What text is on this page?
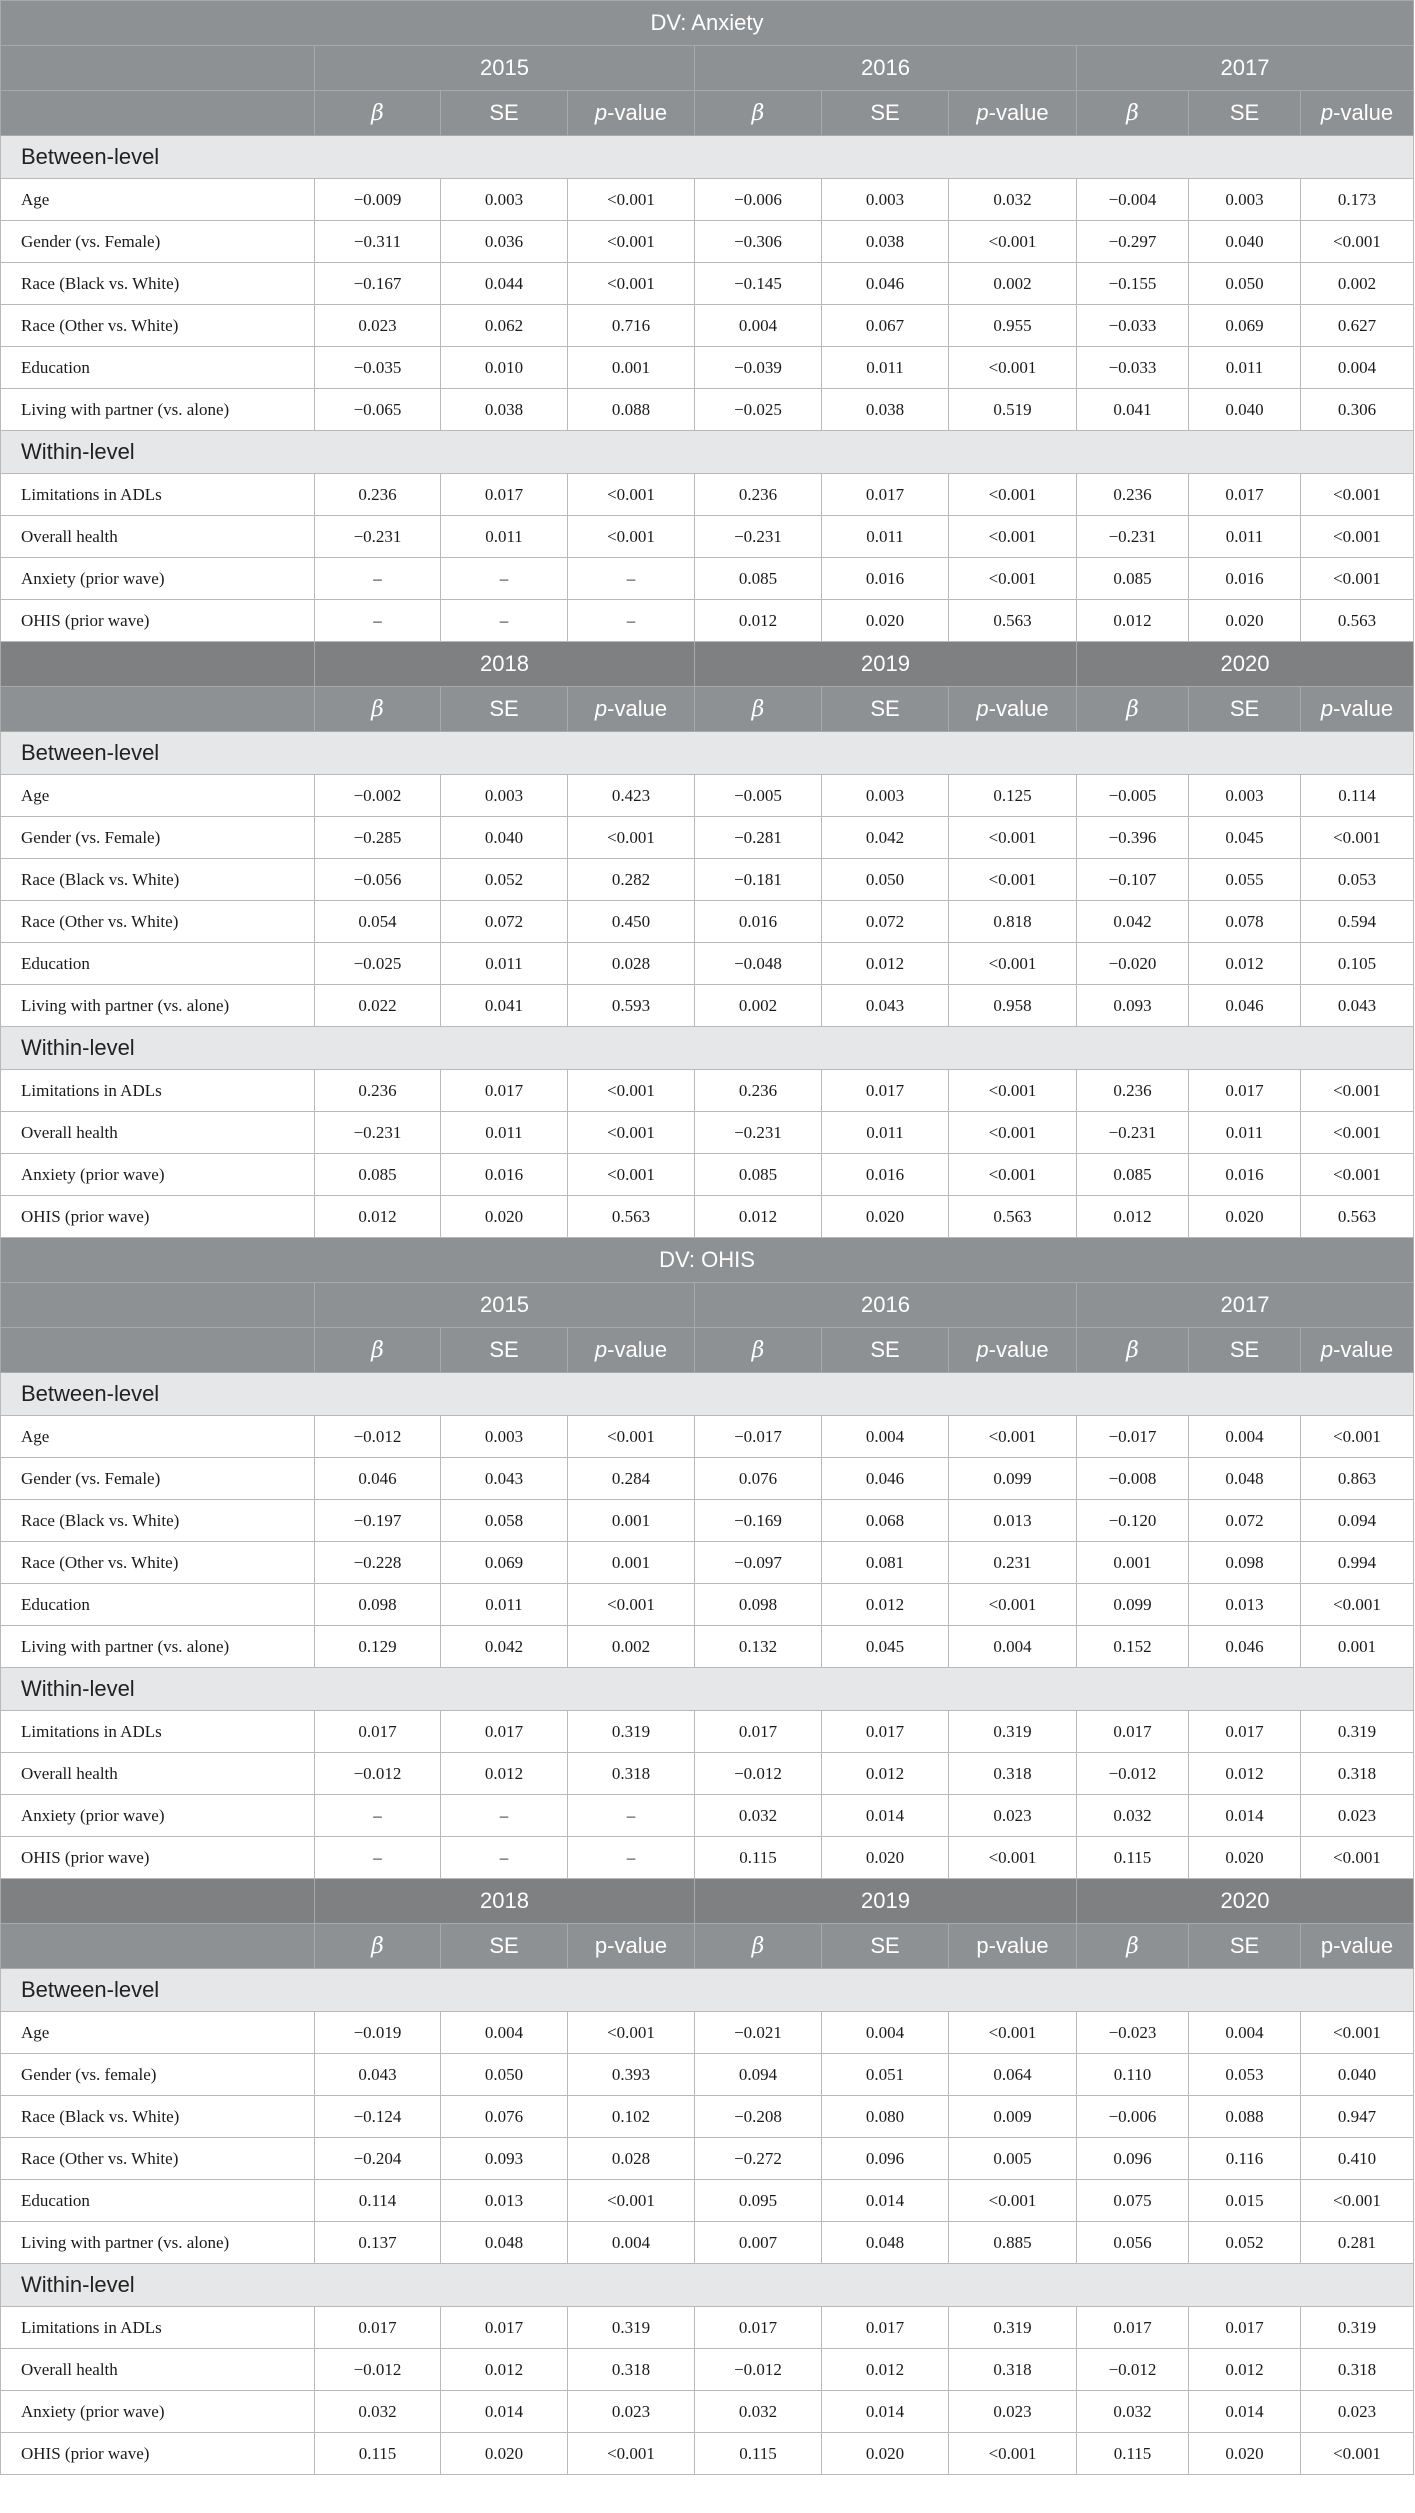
DV: Anxiety									
	2015			2016			2017		
	β	SE	p-value	β	SE	p-value	β	SE	p-value
Between-level									
Age	−0.009	0.003	<0.001	−0.006	0.003	0.032	−0.004	0.003	0.173
Gender (vs. Female)	−0.311	0.036	<0.001	−0.306	0.038	<0.001	−0.297	0.040	<0.001
Race (Black vs. White)	−0.167	0.044	<0.001	−0.145	0.046	0.002	−0.155	0.050	0.002
Race (Other vs. White)	0.023	0.062	0.716	0.004	0.067	0.955	−0.033	0.069	0.627
Education	−0.035	0.010	0.001	−0.039	0.011	<0.001	−0.033	0.011	0.004
Living with partner (vs. alone)	−0.065	0.038	0.088	−0.025	0.038	0.519	0.041	0.040	0.306
Within-level									
Limitations in ADLs	0.236	0.017	<0.001	0.236	0.017	<0.001	0.236	0.017	<0.001
Overall health	−0.231	0.011	<0.001	−0.231	0.011	<0.001	−0.231	0.011	<0.001
Anxiety (prior wave)	–	–	–	0.085	0.016	<0.001	0.085	0.016	<0.001
OHIS (prior wave)	–	–	–	0.012	0.020	0.563	0.012	0.020	0.563
	2018			2019			2020		
	β	SE	p-value	β	SE	p-value	β	SE	p-value
Between-level									
Age	−0.002	0.003	0.423	−0.005	0.003	0.125	−0.005	0.003	0.114
Gender (vs. Female)	−0.285	0.040	<0.001	−0.281	0.042	<0.001	−0.396	0.045	<0.001
Race (Black vs. White)	−0.056	0.052	0.282	−0.181	0.050	<0.001	−0.107	0.055	0.053
Race (Other vs. White)	0.054	0.072	0.450	0.016	0.072	0.818	0.042	0.078	0.594
Education	−0.025	0.011	0.028	−0.048	0.012	<0.001	−0.020	0.012	0.105
Living with partner (vs. alone)	0.022	0.041	0.593	0.002	0.043	0.958	0.093	0.046	0.043
Within-level									
Limitations in ADLs	0.236	0.017	<0.001	0.236	0.017	<0.001	0.236	0.017	<0.001
Overall health	−0.231	0.011	<0.001	−0.231	0.011	<0.001	−0.231	0.011	<0.001
Anxiety (prior wave)	0.085	0.016	<0.001	0.085	0.016	<0.001	0.085	0.016	<0.001
OHIS (prior wave)	0.012	0.020	0.563	0.012	0.020	0.563	0.012	0.020	0.563
DV: OHIS									
	2015			2016			2017		
	β	SE	p-value	β	SE	p-value	β	SE	p-value
Between-level									
Age	−0.012	0.003	<0.001	−0.017	0.004	<0.001	−0.017	0.004	<0.001
Gender (vs. Female)	0.046	0.043	0.284	0.076	0.046	0.099	−0.008	0.048	0.863
Race (Black vs. White)	−0.197	0.058	0.001	−0.169	0.068	0.013	−0.120	0.072	0.094
Race (Other vs. White)	−0.228	0.069	0.001	−0.097	0.081	0.231	0.001	0.098	0.994
Education	0.098	0.011	<0.001	0.098	0.012	<0.001	0.099	0.013	<0.001
Living with partner (vs. alone)	0.129	0.042	0.002	0.132	0.045	0.004	0.152	0.046	0.001
Within-level									
Limitations in ADLs	0.017	0.017	0.319	0.017	0.017	0.319	0.017	0.017	0.319
Overall health	−0.012	0.012	0.318	−0.012	0.012	0.318	−0.012	0.012	0.318
Anxiety (prior wave)	–	–	–	0.032	0.014	0.023	0.032	0.014	0.023
OHIS (prior wave)	–	–	–	0.115	0.020	<0.001	0.115	0.020	<0.001
	2018			2019			2020		
	β	SE	p-value	β	SE	p-value	β	SE	p-value
Between-level									
Age	−0.019	0.004	<0.001	−0.021	0.004	<0.001	−0.023	0.004	<0.001
Gender (vs. female)	0.043	0.050	0.393	0.094	0.051	0.064	0.110	0.053	0.040
Race (Black vs. White)	−0.124	0.076	0.102	−0.208	0.080	0.009	−0.006	0.088	0.947
Race (Other vs. White)	−0.204	0.093	0.028	−0.272	0.096	0.005	0.096	0.116	0.410
Education	0.114	0.013	<0.001	0.095	0.014	<0.001	0.075	0.015	<0.001
Living with partner (vs. alone)	0.137	0.048	0.004	0.007	0.048	0.885	0.056	0.052	0.281
Within-level									
Limitations in ADLs	0.017	0.017	0.319	0.017	0.017	0.319	0.017	0.017	0.319
Overall health	−0.012	0.012	0.318	−0.012	0.012	0.318	−0.012	0.012	0.318
Anxiety (prior wave)	0.032	0.014	0.023	0.032	0.014	0.023	0.032	0.014	0.023
OHIS (prior wave)	0.115	0.020	<0.001	0.115	0.020	<0.001	0.115	0.020	<0.001
